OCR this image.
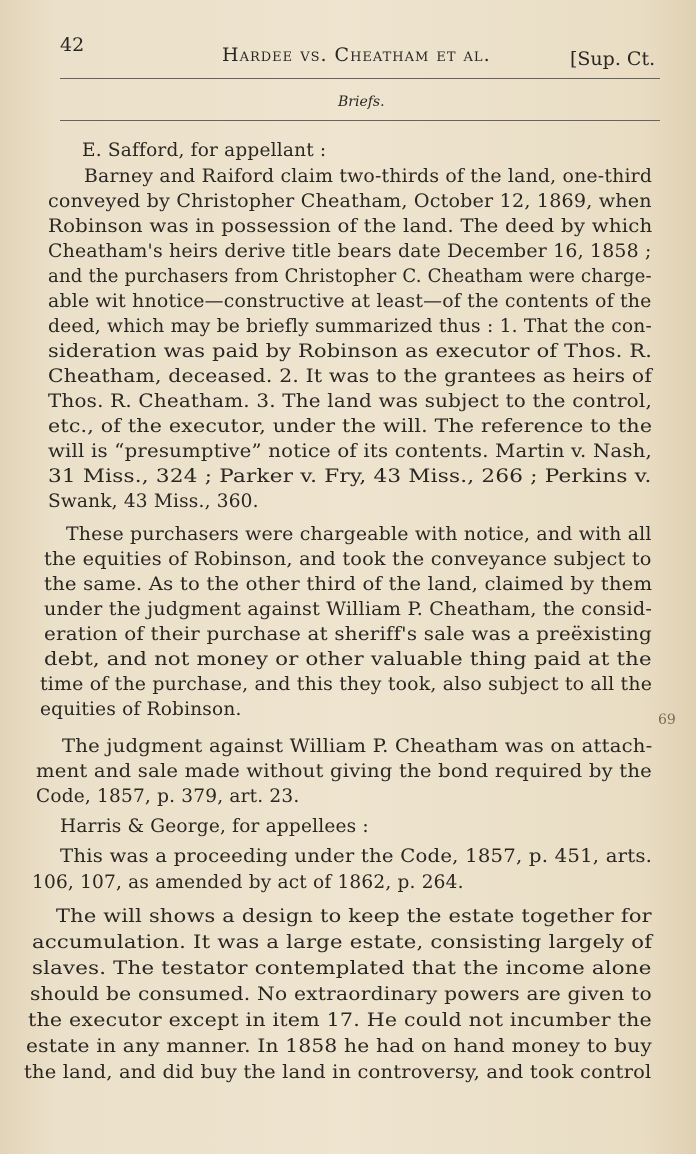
42	Hardee vs. Cheatham et al.	[Sup. Ct.
Briefs.
E. Safford, for appellant :
Barney and Raiford claim two-thirds of the land, one-third
conveyed by Christopher Cheatham, October 12, 1869, when
Robinson was in possession of the land. The deed by which
Cheatham's heirs derive title bears date December 16, 1858 ;
and the purchasers from Christopher C. Cheatham were charge-
able wit hnotice—constructive at least—of the contents of the
deed, which may be briefly summarized thus : 1. That the con-
sideration was paid by Robinson as executor of Thos. R.
Cheatham, deceased. 2. It was to the grantees as heirs of
Thos. R. Cheatham. 3. The land was subject to the control,
etc., of the executor, under the will. The reference to the
will is “presumptive” notice of its contents. Martin v. Nash,
31 Miss., 324 ; Parker v. Fry, 43 Miss., 266 ; Perkins v.
Swank, 43 Miss., 360.
These purchasers were chargeable with notice, and with all
the equities of Robinson, and took the conveyance subject to
the same. As to the other third of the land, claimed by them
under the judgment against William P. Cheatham, the consid-
eration of their purchase at sheriff's sale was a preëxisting
debt, and not money or other valuable thing paid at the
time of the purchase, and this they took, also subject to all the
equities of Robinson.
The judgment against William P. Cheatham was on attach-
ment and sale made without giving the bond required by the
Code, 1857, p. 379, art. 23.
Harris & George, for appellees :
This was a proceeding under the Code, 1857, p. 451, arts.
106, 107, as amended by act of 1862, p. 264.
The will shows a design to keep the estate together for
accumulation. It was a large estate, consisting largely of
slaves. The testator contemplated that the income alone
should be consumed. No extraordinary powers are given to
the executor except in item 17. He could not incumber the
estate in any manner. In 1858 he had on hand money to buy
the land, and did buy the land in controversy, and took control
69
